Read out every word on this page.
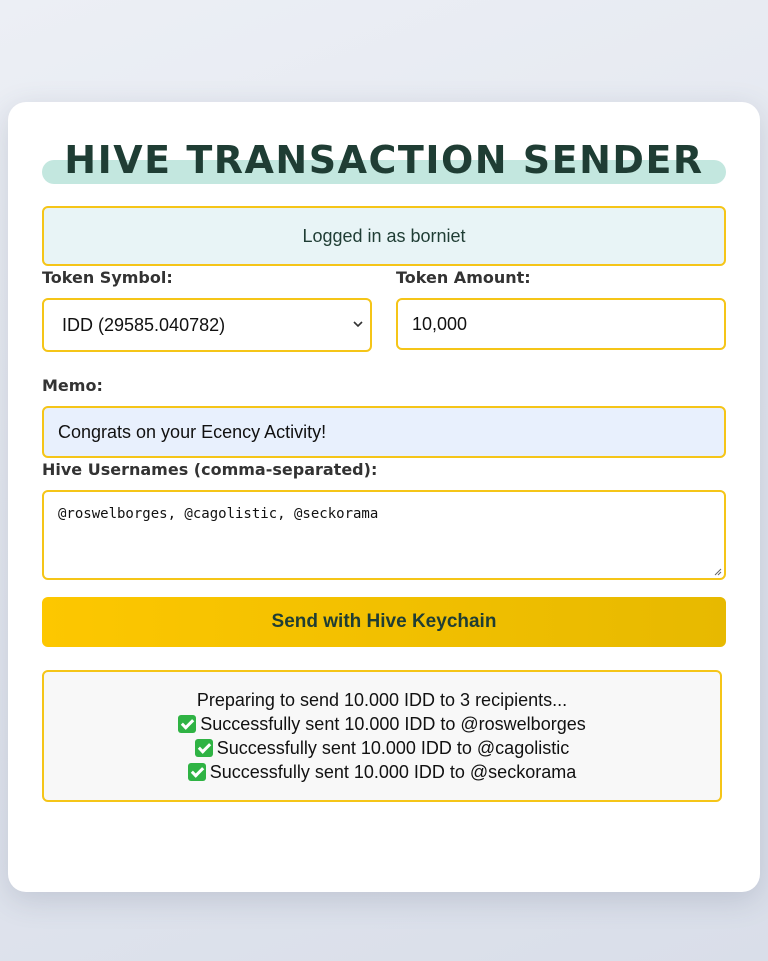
HIVE TRANSACTION SENDER
Logged in as borniet
Token Symbol:	Token Amount:
IDD (29585.040782)	10,000
Memo:
Congrats on your Ecency Activity!
Hive Usernames (comma-separated):
@roswelborges, @cagolistic, @seckorama
Send with Hive Keychain
Preparing to send 10.000 IDD to 3 recipients...
Successfully sent 10.000 IDD to @roswelborges
Successfully sent 10.000 IDD to @cagolistic
Successfully sent 10.000 IDD to @seckorama
